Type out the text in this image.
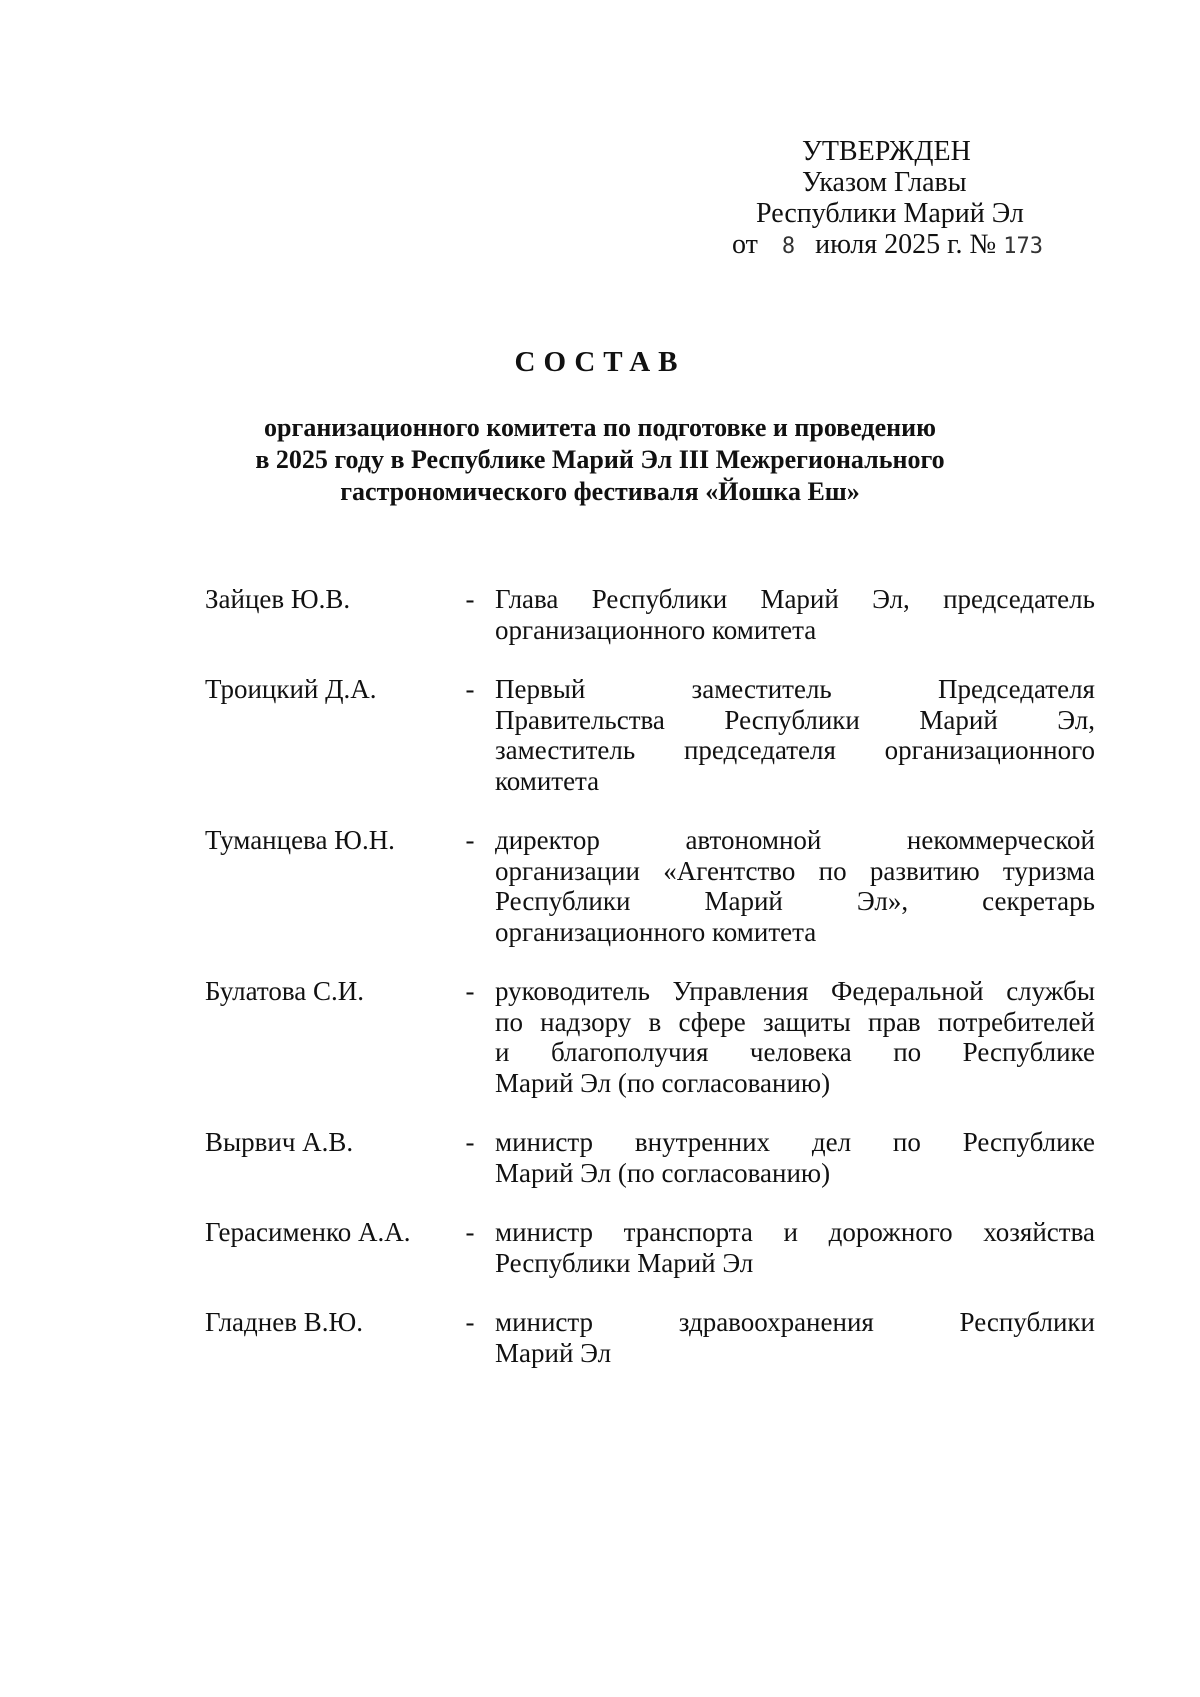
УТВЕРЖДЕН
Указом Главы
Республики Марий Эл
от 8 июля 2025 г. № 173
СОСТАВ
организационного комитета по подготовке и проведению
в 2025 году в Республике Марий Эл III Межрегионального
гастрономического фестиваля «Йошка Еш»
Зайцев Ю.В.	- Глава Республики Марий Эл, председатель
организационного комитета
Троицкий Д.А.	- Первый	заместитель	Председателя
Правительства Республики Марий Эл,
заместитель председателя организационного
комитета
Туманцева Ю.Н.	- директор	автономной	некоммерческой
организации «Агентство по развитию туризма
Республики	Марий	Эл»,	секретарь
организационного комитета
Булатова С.И.	- руководитель Управления Федеральной службы
по надзору в сфере защиты прав потребителей
и благополучия человека по Республике
Марий Эл (по согласованию)
Вырвич А.В.	- министр внутренних дел по Республике
Марий Эл (по согласованию)
Герасименко А.А.	- министр транспорта и дорожного хозяйства
Республики Марий Эл
Гладнев В.Ю.	- министр	здравоохранения	Республики
Марий Эл
